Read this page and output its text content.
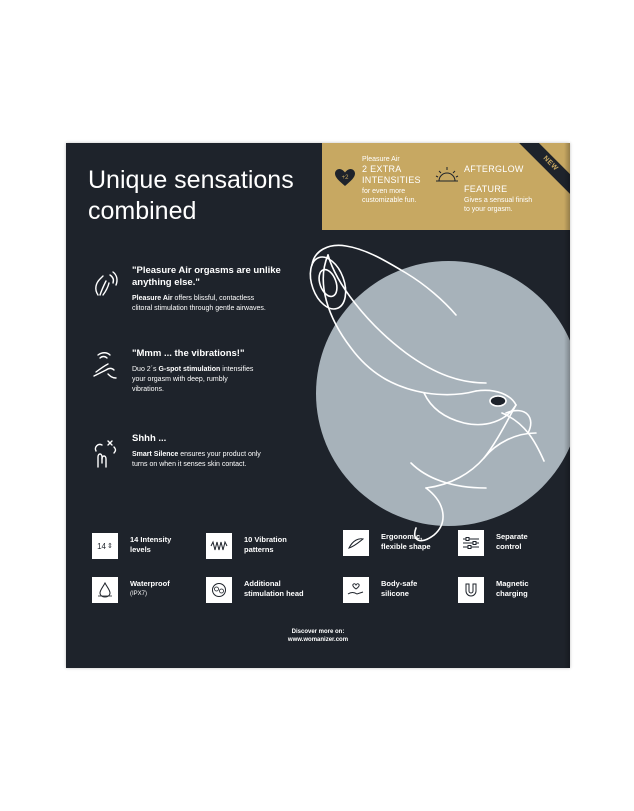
Unique sensations
combined
+2
Pleasure Air
2 EXTRA
INTENSITIES
for even more
customizable fun.
AFTERGLOW
FEATURE
Gives a sensual finish
to your orgasm.
NEW
"Pleasure Air orgasms are unlike
anything else."
Pleasure Air offers blissful, contactless
clitoral stimulation through gentle airwaves.
"Mmm ... the vibrations!"
Duo 2´s G-spot stimulation intensifies
your orgasm with deep, rumbly
vibrations.
Shhh ...
Smart Silence ensures your product only
turns on when it senses skin contact.
14 ⇕
14 Intensity
levels
10 Vibration
patterns
Ergonomic,
flexible shape
Separate
control
Waterproof
(IPX7)
Additional
stimulation head
Body-safe
silicone
Magnetic
charging
Discover more on:
www.womanizer.com
